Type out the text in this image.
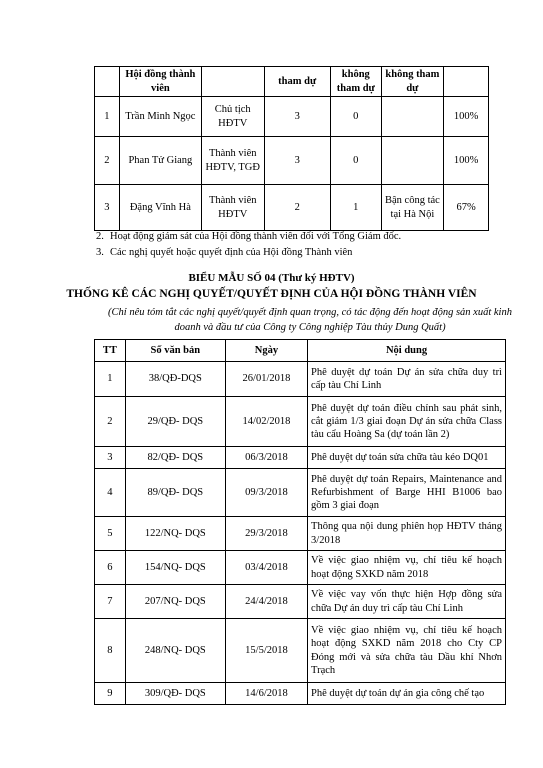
	Hội đồng thành viên		tham dự	không tham dự	không tham dự	
1	Trần Minh Ngọc	Chủ tịch HĐTV	3	0		100%
2	Phan Tử Giang	Thành viên HĐTV, TGĐ	3	0		100%
3	Đặng Vĩnh Hà	Thành viên HĐTV	2	1	Bận công tác tại Hà Nội	67%
2. Hoạt động giám sát của Hội đồng thành viên đối với Tổng Giám đốc.
3. Các nghị quyết hoặc quyết định của Hội đồng Thành viên
BIỂU MẪU SỐ 04 (Thư ký HĐTV)
THỐNG KÊ CÁC NGHỊ QUYẾT/QUYẾT ĐỊNH CỦA HỘI ĐỒNG THÀNH VIÊN
(Chỉ nêu tóm tắt các nghị quyết/quyết định quan trọng, có tác động đến hoạt động sản xuất kinh doanh và đầu tư của Công ty Công nghiệp Tàu thủy Dung Quất)
TT	Số văn bản	Ngày	Nội dung
1	38/QĐ-DQS	26/01/2018	Phê duyệt dự toán Dự án sửa chữa duy trì cấp tàu Chí Linh
2	29/QĐ- DQS	14/02/2018	Phê duyệt dự toán điều chỉnh sau phát sinh, cắt giảm 1/3 giai đoạn Dự án sửa chữa Class tàu cẩu Hoàng Sa (dự toán lần 2)
3	82/QĐ- DQS	06/3/2018	Phê duyệt dự toán sửa chữa tàu kéo DQ01
4	89/QĐ- DQS	09/3/2018	Phê duyệt dự toán Repairs, Maintenance and Refurbishment of Barge HHI B1006 bao gồm 3 giai đoạn
5	122/NQ- DQS	29/3/2018	Thông qua nội dung phiên họp HĐTV tháng 3/2018
6	154/NQ- DQS	03/4/2018	Về việc giao nhiệm vụ, chỉ tiêu kế hoạch hoạt động SXKD năm 2018
7	207/NQ- DQS	24/4/2018	Về việc vay vốn thực hiện Hợp đồng sửa chữa Dự án duy trì cấp tàu Chí Linh
8	248/NQ- DQS	15/5/2018	Về việc giao nhiệm vụ, chỉ tiêu kế hoạch hoạt động SXKD năm 2018 cho Cty CP Đóng mới và sửa chữa tàu Dầu khí Nhơn Trạch
9	309/QĐ- DQS	14/6/2018	Phê duyệt dự toán dự án gia công chế tạo
